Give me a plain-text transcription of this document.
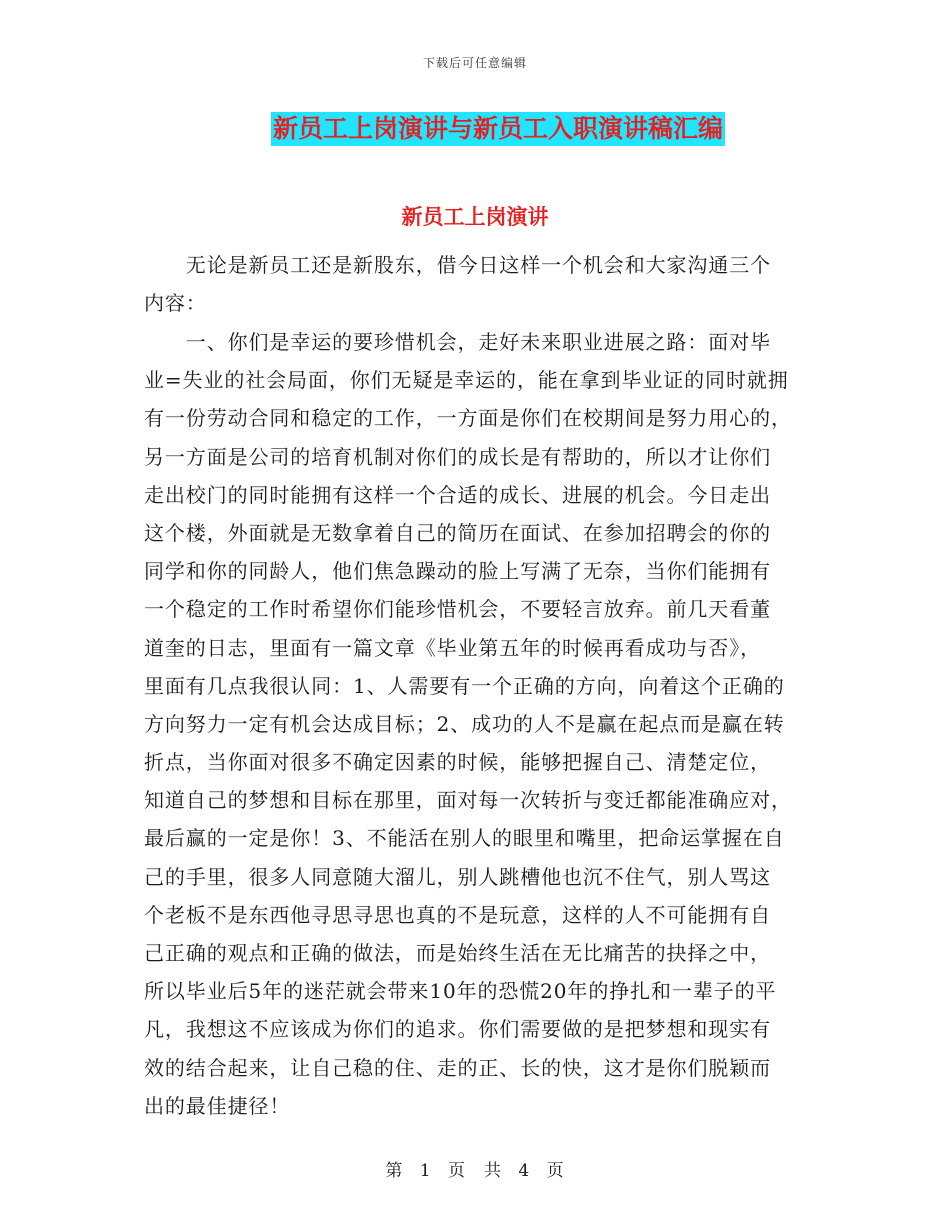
下载后可任意编辑
新员工上岗演讲与新员工入职演讲稿汇编
新员工上岗演讲
　　无论是新员工还是新股东，借今日这样一个机会和大家沟通三个
内容：
　　一、你们是幸运的要珍惜机会，走好未来职业进展之路：面对毕
业=失业的社会局面，你们无疑是幸运的，能在拿到毕业证的同时就拥
有一份劳动合同和稳定的工作，一方面是你们在校期间是努力用心的，
另一方面是公司的培育机制对你们的成长是有帮助的，所以才让你们
走出校门的同时能拥有这样一个合适的成长、进展的机会。今日走出
这个楼，外面就是无数拿着自己的简历在面试、在参加招聘会的你的
同学和你的同龄人，他们焦急躁动的脸上写满了无奈，当你们能拥有
一个稳定的工作时希望你们能珍惜机会，不要轻言放弃。前几天看董
道奎的日志，里面有一篇文章《毕业第五年的时候再看成功与否》，
里面有几点我很认同：1、人需要有一个正确的方向，向着这个正确的
方向努力一定有机会达成目标；2、成功的人不是赢在起点而是赢在转
折点，当你面对很多不确定因素的时候，能够把握自己、清楚定位，
知道自己的梦想和目标在那里，面对每一次转折与变迁都能准确应对，
最后赢的一定是你！3、不能活在别人的眼里和嘴里，把命运掌握在自
己的手里，很多人同意随大溜儿，别人跳槽他也沉不住气，别人骂这
个老板不是东西他寻思寻思也真的不是玩意，这样的人不可能拥有自
己正确的观点和正确的做法，而是始终生活在无比痛苦的抉择之中，
所以毕业后5年的迷茫就会带来10年的恐慌20年的挣扎和一辈子的平
凡，我想这不应该成为你们的追求。你们需要做的是把梦想和现实有
效的结合起来，让自己稳的住、走的正、长的快，这才是你们脱颖而
出的最佳捷径！
第 1 页　共 4 页
